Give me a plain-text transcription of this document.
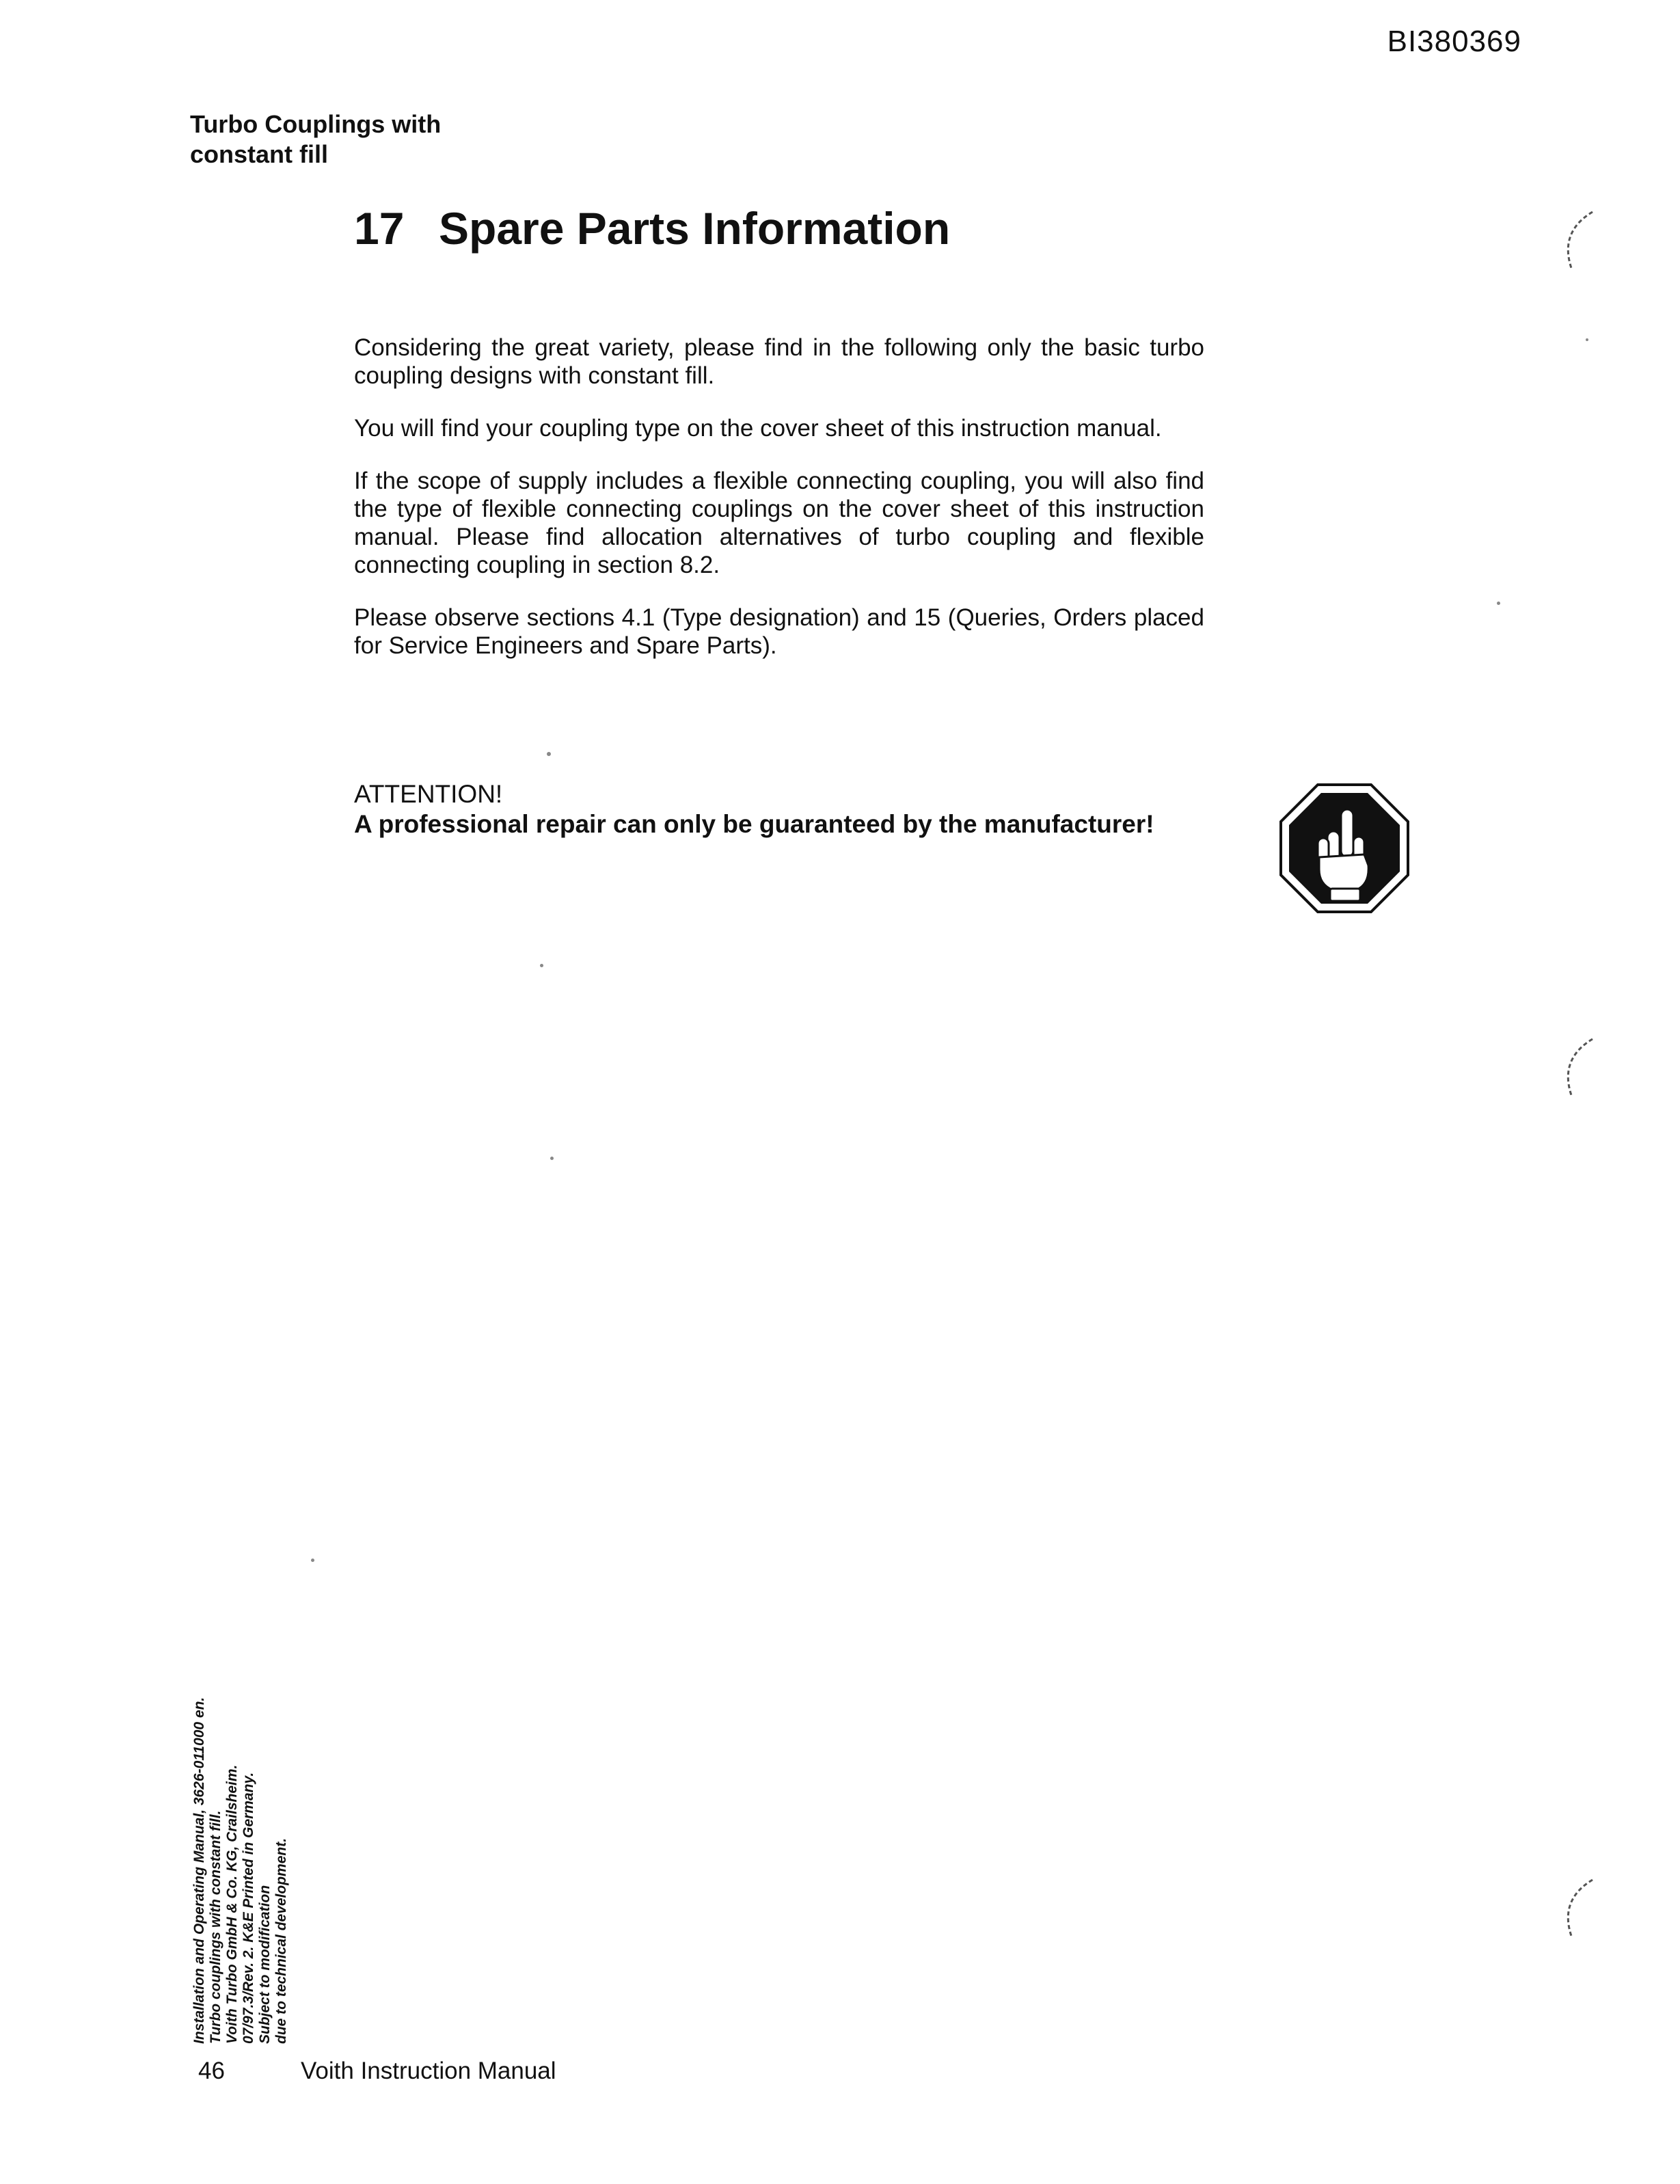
BI380369
Turbo Couplings with
constant fill
17 Spare Parts Information

Considering the great variety, please find in the following only the basic turbo coupling designs with constant fill.

You will find your coupling type on the cover sheet of this instruction manual.

If the scope of supply includes a flexible connecting coupling, you will also find the type of flexible connecting couplings on the cover sheet of this instruction manual. Please find allocation alternatives of turbo coupling and flexible connecting coupling in section 8.2.

Please observe sections 4.1 (Type designation) and 15 (Queries, Orders placed for Service Engineers and Spare Parts).

ATTENTION!
A professional repair can only be guaranteed by the manufacturer!
Installation and Operating Manual, 3626-011000 en. Turbo couplings with constant fill. Voith Turbo GmbH & Co. KG, Crailsheim. 07/97.3/Rev. 2. K&E Printed in Germany. Subject to modification due to technical development.
46	Voith Instruction Manual
